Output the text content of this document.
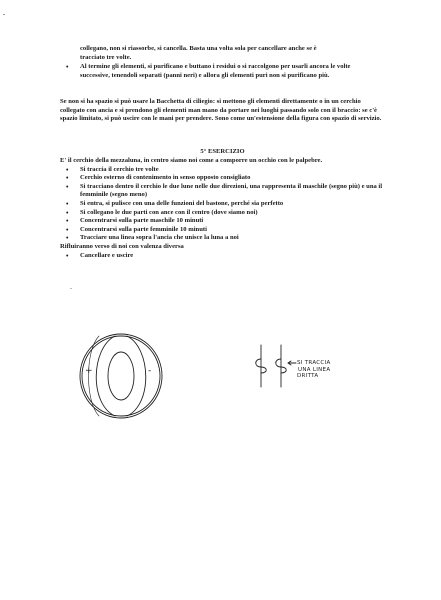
collegano, non si riassorbe, si cancella. Basta una volta sola per cancellare anche se è

tracciato tre volte.

• Al termine gli elementi, si purificano e buttano i residui o si raccolgono per usarli ancora le volte successive, tenendoli separati (panni neri) e allora gli elementi puri non si purificano più.

Se non si ha spazio si può usare la Bacchetta di ciliegio: si mettono gli elementi direttamente o in un cerchio collegato con ancia e si prendono gli elementi man mano da portare nei luoghi passando solo con il braccio: se c'è spazio limitato, si può uscire con le mani per prendere. Sono come un'estensione della figura con spazio di servizio.

5° ESERCIZIO

E' il cerchio della mezzaluna, in centro siamo noi come a comporre un occhio con le palpebre.

• Si traccia il cerchio tre volte
• Cerchio esterno di contenimento in senso opposto consigliato
• Si tracciano dentro il cerchio le due lune nelle due direzioni, una rappresenta il maschile (segno più) e una il femminile (segno meno)
• Si entra, si pulisce con una delle funzioni del bastone, perché sia perfetto
• Si collegano le due parti con ance con il centro (dove siamo noi)
• Concentrarsi sulla parte maschile 10 minuti
• Concentrarsi sulla parte femminile 10 minuti
• Tracciare una linea sopra l'ancia che unisce la luna a noi

Rifluiranno verso di noi con valenza diversa

• Cancellare e uscire
+	-
SI TRACCIA
UNA LINEA
DRITTA
